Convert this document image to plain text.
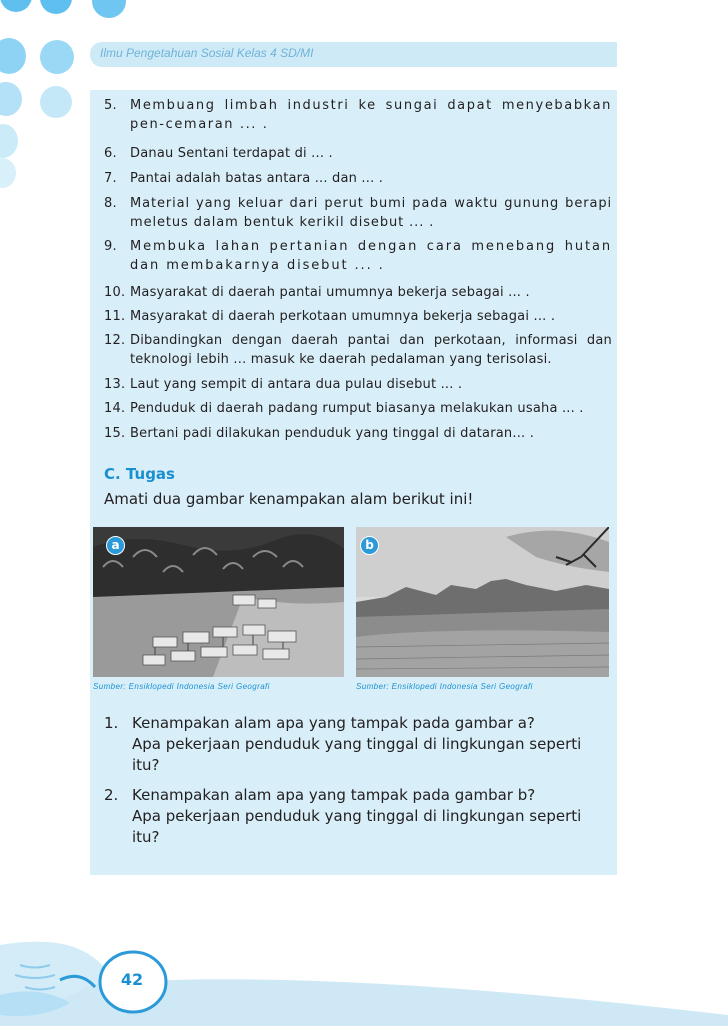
Ilmu Pengetahuan Sosial Kelas 4 SD/MI
5.	Membuang limbah industri ke sungai dapat menyebabkan pen-cemaran ... .
6.	Danau Sentani terdapat di ... .
7.	Pantai adalah batas antara ... dan ... .
8.	Material yang keluar dari perut bumi pada waktu gunung berapi meletus dalam bentuk kerikil disebut ... .
9.	Membuka lahan pertanian dengan cara menebang hutan dan membakarnya disebut ... .
10. Masyarakat di daerah pantai umumnya bekerja sebagai ... .
11. Masyarakat di daerah perkotaan umumnya bekerja sebagai ... .
12. Dibandingkan dengan daerah pantai dan perkotaan, informasi dan teknologi lebih ... masuk ke daerah pedalaman yang terisolasi.
13. Laut yang sempit di antara dua pulau disebut ... .
14. Penduduk di daerah padang rumput biasanya melakukan usaha ... .
15. Bertani padi dilakukan penduduk yang tinggal di dataran... .
C. Tugas
Amati dua gambar kenampakan alam berikut ini!
a	b
Sumber: Ensiklopedi Indonesia Seri Geografi	Sumber: Ensiklopedi Indonesia Seri Geografi
1. Kenampakan alam apa yang tampak pada gambar a?
Apa pekerjaan penduduk yang tinggal di lingkungan seperti itu?
2. Kenampakan alam apa yang tampak pada gambar b?
Apa pekerjaan penduduk yang tinggal di lingkungan seperti itu?
42
